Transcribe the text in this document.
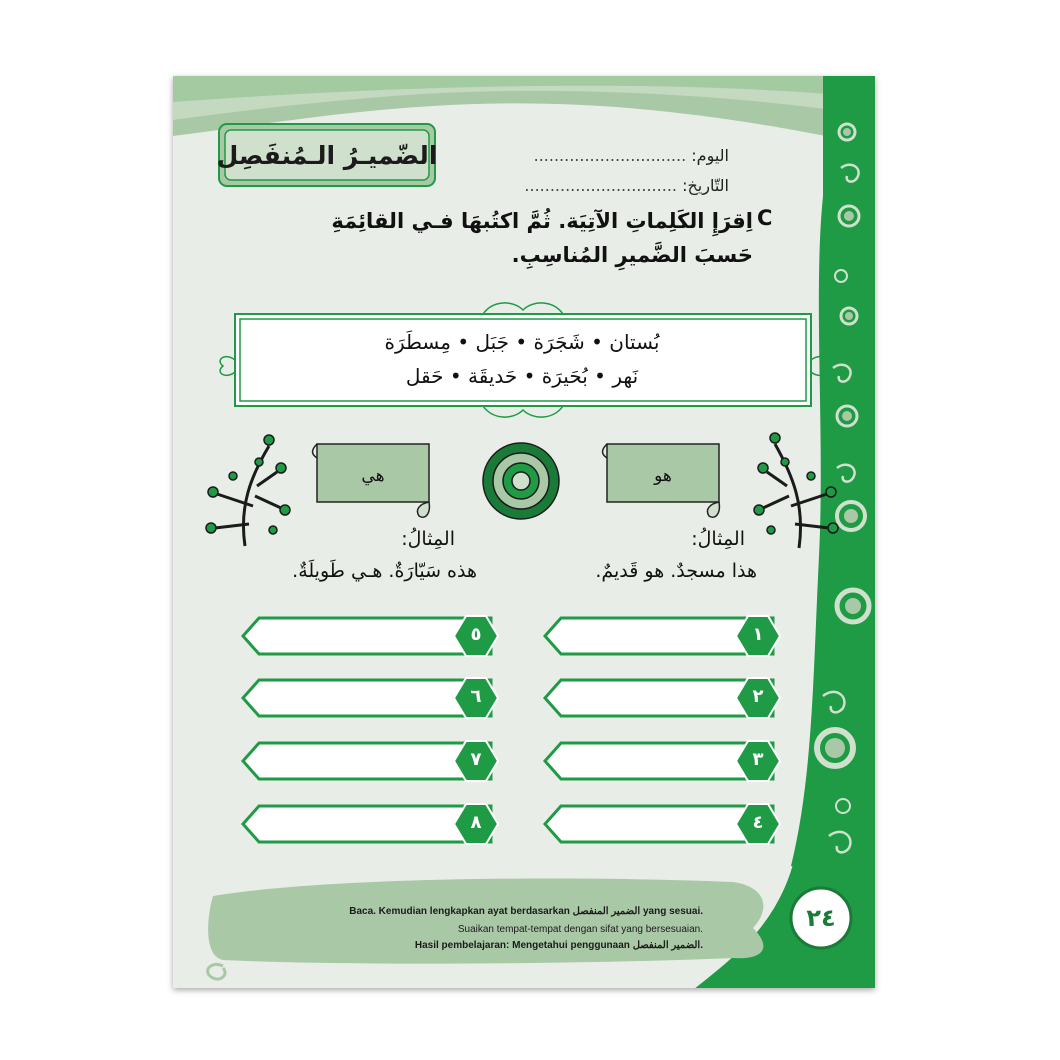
الضّميـرُ الـمُنفَصِل	اليوم: ..............................
التّاريخ: ..............................
C
اِقرَإِ الكَلِماتِ الآتِيَة. ثُمَّ اكتُبهَا فـي القائِمَةِ
حَسبَ الضَّميرِ المُناسِبِ.
بُستان • شَجَرَة • جَبَل • مِسطَرَة
نَهر • بُحَيرَة • حَديقَة • حَقل
هو
هي
المِثالُ:
هذا مسجدٌ. هو قَديمٌ.
المِثالُ:
هذه سَيّارَةٌ. هـي طَويلَةٌ.
١
٢
٣
٤
٥
٦
٧
٨
Baca. Kemudian lengkapkan ayat berdasarkan الضمير المنفصل yang sesuai.
Suaikan tempat-tempat dengan sifat yang bersesuaian.
Hasil pembelajaran: Mengetahui penggunaan الضمير المنفصل.
٢٤
